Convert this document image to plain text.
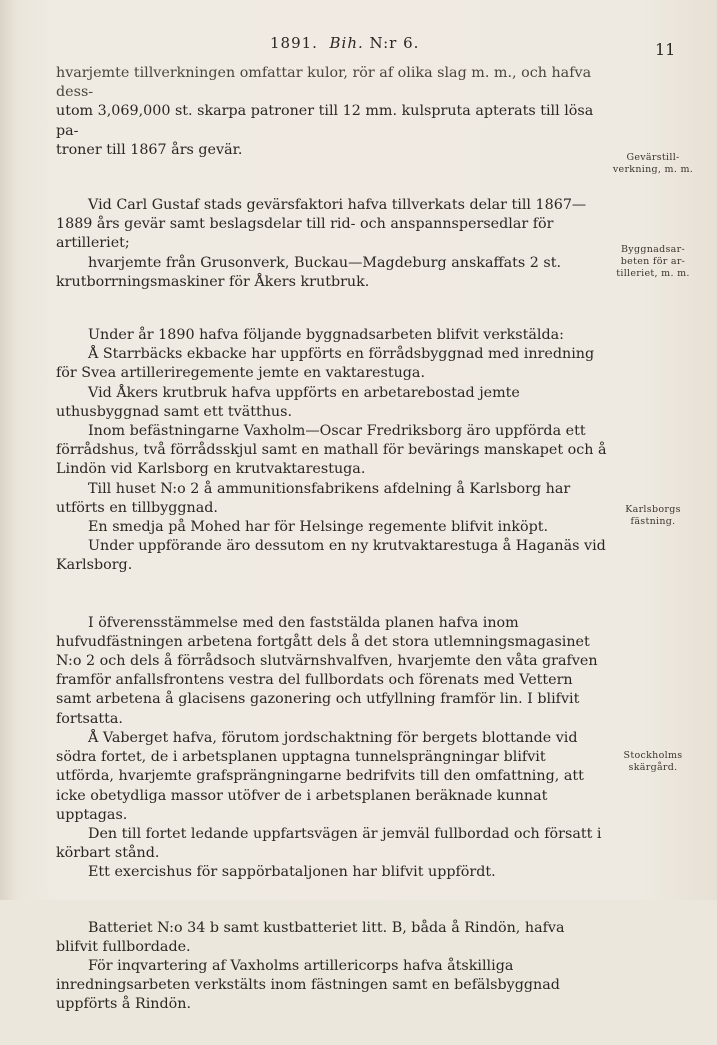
1891. Bih. N:r 6.	11

hvarjemte tillverkningen omfattar kulor, rör af olika slag m. m., och hafva dess-

utom 3,069,000 st. skarpa patroner till 12 mm. kulspruta apterats till lösa pa-

troner till 1867 års gevär.

Vid Carl Gustaf stads gevärsfaktori hafva tillverkats delar till 1867—1889 års gevär samt beslagsdelar till rid- och anspannspersedlar för artilleriet;

hvarjemte från Grusonverk, Buckau—Magdeburg anskaffats 2 st. krutborrningsmaskiner för Åkers krutbruk.

Under år 1890 hafva följande byggnadsarbeten blifvit verkstälda:

Å Starrbäcks ekbacke har uppförts en förrådsbyggnad med inredning för Svea artilleriregemente jemte en vaktarestuga.

Vid Åkers krutbruk hafva uppförts en arbetarebostad jemte uthusbyggnad samt ett tvätthus.

Inom befästningarne Vaxholm—Oscar Fredriksborg äro uppförda ett förrådshus, två förrådsskjul samt en mathall för bevärings manskapet och å Lindön vid Karlsborg en krutvaktarestuga.

Till huset N:o 2 å ammunitionsfabrikens afdelning å Karlsborg har utförts en tillbyggnad.

En smedja på Mohed har för Helsinge regemente blifvit inköpt.

Under uppförande äro dessutom en ny krutvaktarestuga å Haganäs vid Karlsborg.

I öfverensstämmelse med den faststälda planen hafva inom hufvudfästningen arbetena fortgått dels å det stora utlemningsmagasinet N:o 2 och dels å förrådsoch slutvärnshvalfven, hvarjemte den våta grafven framför anfallsfrontens vestra del fullbordats och förenats med Vettern samt arbetena å glacisens gazonering och utfyllning framför lin. I blifvit fortsatta.

Å Vaberget hafva, förutom jordschaktning för bergets blottande vid södra fortet, de i arbetsplanen upptagna tunnelsprängningar blifvit utförda, hvarjemte grafsprängningarne bedrifvits till den omfattning, att icke obetydliga massor utöfver de i arbetsplanen beräknade kunnat upptagas.

Den till fortet ledande uppfartsvägen är jemväl fullbordad och försatt i körbart stånd.

Ett exercishus för sappörbataljonen har blifvit uppfördt.

Batteriet N:o 34 b samt kustbatteriet litt. B, båda å Rindön, hafva blifvit fullbordade.

För inqvartering af Vaxholms artillericorps hafva åtskilliga inredningsarbeten verkstälts inom fästningen samt en befälsbyggnad uppförts å Rindön.

Gevärstill-verkning, m. m.
Byggnadsar-beten för ar-tilleriet, m. m.
Karlsborgs fästning.
Stockholms skärgård.
